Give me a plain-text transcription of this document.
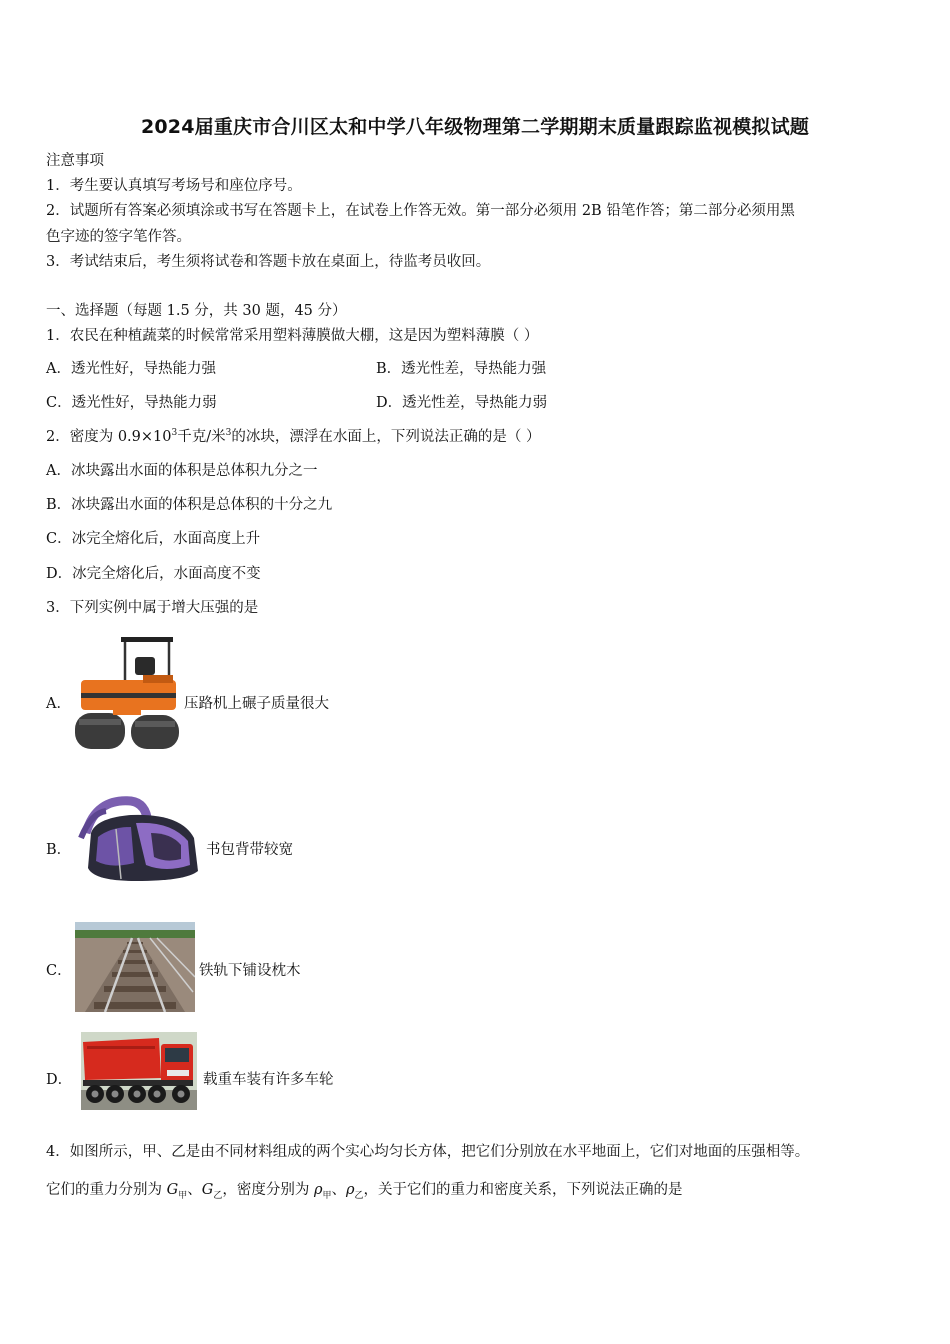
2024届重庆市合川区太和中学八年级物理第二学期期末质量跟踪监视模拟试题
注意事项
1．考生要认真填写考场号和座位序号。
2．试题所有答案必须填涂或书写在答题卡上，在试卷上作答无效。第一部分必须用 2B 铅笔作答；第二部分必须用黑
色字迹的签字笔作答。
3．考试结束后，考生须将试卷和答题卡放在桌面上，待监考员收回。
一、选择题（每题 1.5 分，共 30 题，45 分）
1．农民在种植蔬菜的时候常常采用塑料薄膜做大棚，这是因为塑料薄膜（ ）
A．透光性好，导热能力强	B．透光性差，导热能力强
C．透光性好，导热能力弱	D．透光性差，导热能力弱
2．密度为 $0.9\times 10^3$千克/米$^3$的冰块，漂浮在水面上，下列说法正确的是（ ）
A．冰块露出水面的体积是总体积九分之一
B．冰块露出水面的体积是总体积的十分之九
C．冰完全熔化后，水面高度上升
D．冰完全熔化后，水面高度不变
3．下列实例中属于增大压强的是
A．	压路机上碾子质量很大
B．	书包背带较宽
C．	铁轨下铺设枕木
D．	载重车装有许多车轮
4．如图所示，甲、乙是由不同材料组成的两个实心均匀长方体，把它们分别放在水平地面上，它们对地面的压强相等。
它们的重力分别为 $G_甲$、$G_乙$，密度分别为 $\rho_甲$、$\rho_乙$，关于它们的重力和密度关系，下列说法正确的是
